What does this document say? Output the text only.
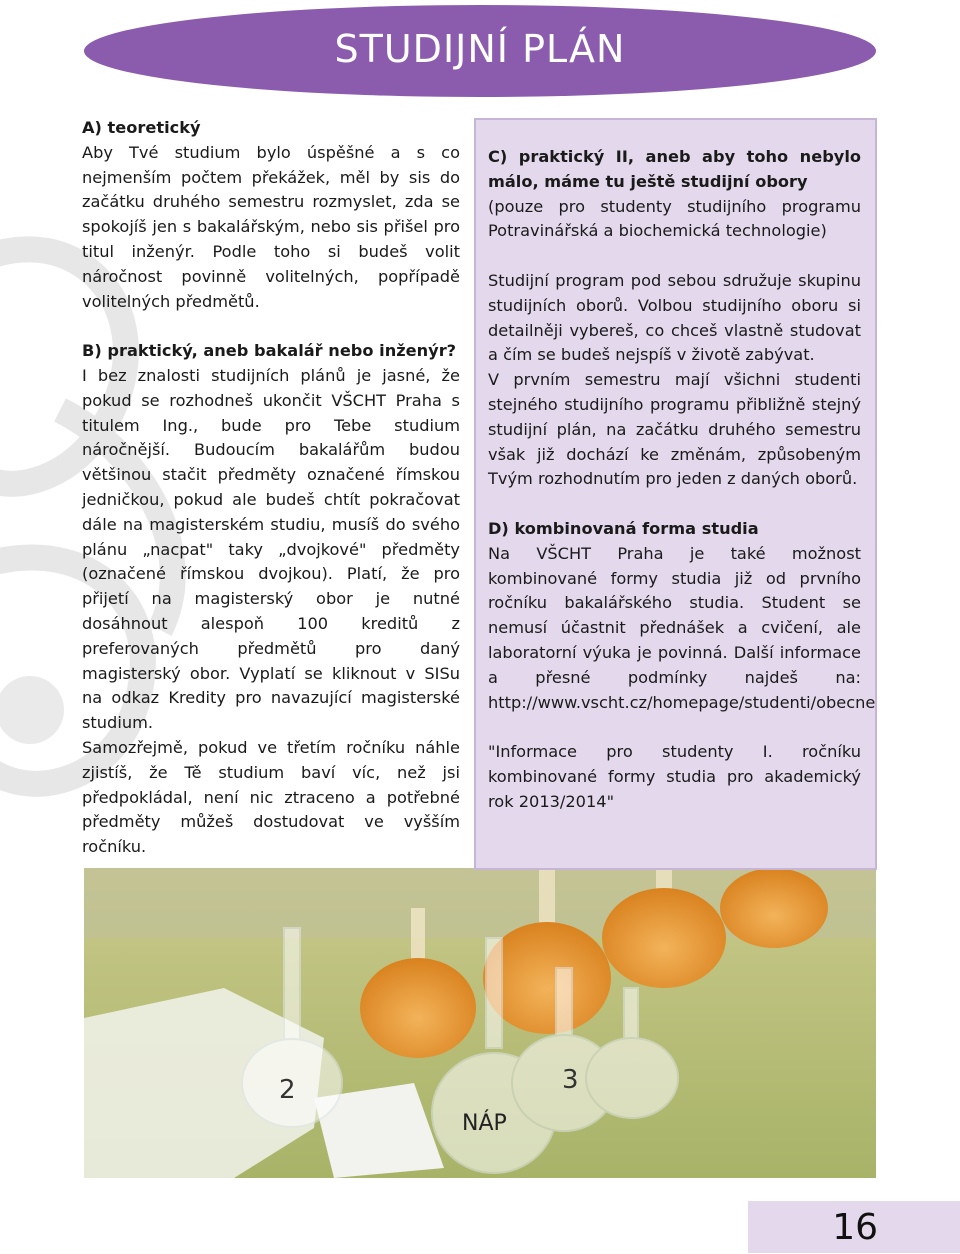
STUDIJNÍ PLÁN

A) teoretický

Aby Tvé studium bylo úspěšné a s co nejmenším počtem překážek, měl by sis do začátku druhého semestru rozmyslet, zda se spokojíš jen s bakalářským, nebo sis přišel pro titul inženýr. Podle toho si budeš volit náročnost povinně volitelných, popřípadě volitelných předmětů.

B) praktický, aneb bakalář nebo inženýr?

I bez znalosti studijních plánů je jasné, že pokud se rozhodneš ukončit VŠCHT Praha s titulem Ing., bude pro Tebe studium náročnější. Budoucím bakalářům budou většinou stačit předměty označené římskou jedničkou, pokud ale budeš chtít pokračovat dále na magisterském studiu, musíš do svého plánu „nacpat" taky „dvojkové" předměty (označené římskou dvojkou). Platí, že pro přijetí na magisterský obor je nutné dosáhnout alespoň 100 kreditů z preferovaných předmětů pro daný magisterský obor. Vyplatí se kliknout v SISu na odkaz Kredity pro navazující magisterské studium.

Samozřejmě, pokud ve třetím ročníku náhle zjistíš, že Tě studium baví víc, než jsi předpokládal, není nic ztraceno a potřebné předměty můžeš dostudovat ve vyšším ročníku.

C) praktický II, aneb aby toho nebylo málo, máme tu ještě studijní obory

(pouze pro studenty studijního programu Potravinářská a biochemická technologie)

Studijní program pod sebou sdružuje skupinu studijních oborů. Volbou studijního oboru si detailněji vybereš, co chceš vlastně studovat a čím se budeš nejspíš v životě zabývat.

V prvním semestru mají všichni studenti stejného studijního programu přibližně stejný studijní plán, na začátku druhého semestru však již dochází ke změnám, způsobeným Tvým rozhodnutím pro jeden z daných oborů.

D) kombinovaná forma studia

Na VŠCHT Praha je také možnost kombinované formy studia již od prvního ročníku bakalářského studia. Student se nemusí účastnit přednášek a cvičení, ale laboratorní výuka je povinná. Další informace a přesné podmínky najdeš na: http://www.vscht.cz/homepage/studenti/obecne

"Informace pro studenty I. ročníku kombinované formy studia pro akademický rok 2013/2014"

2	3
NÁP
16
